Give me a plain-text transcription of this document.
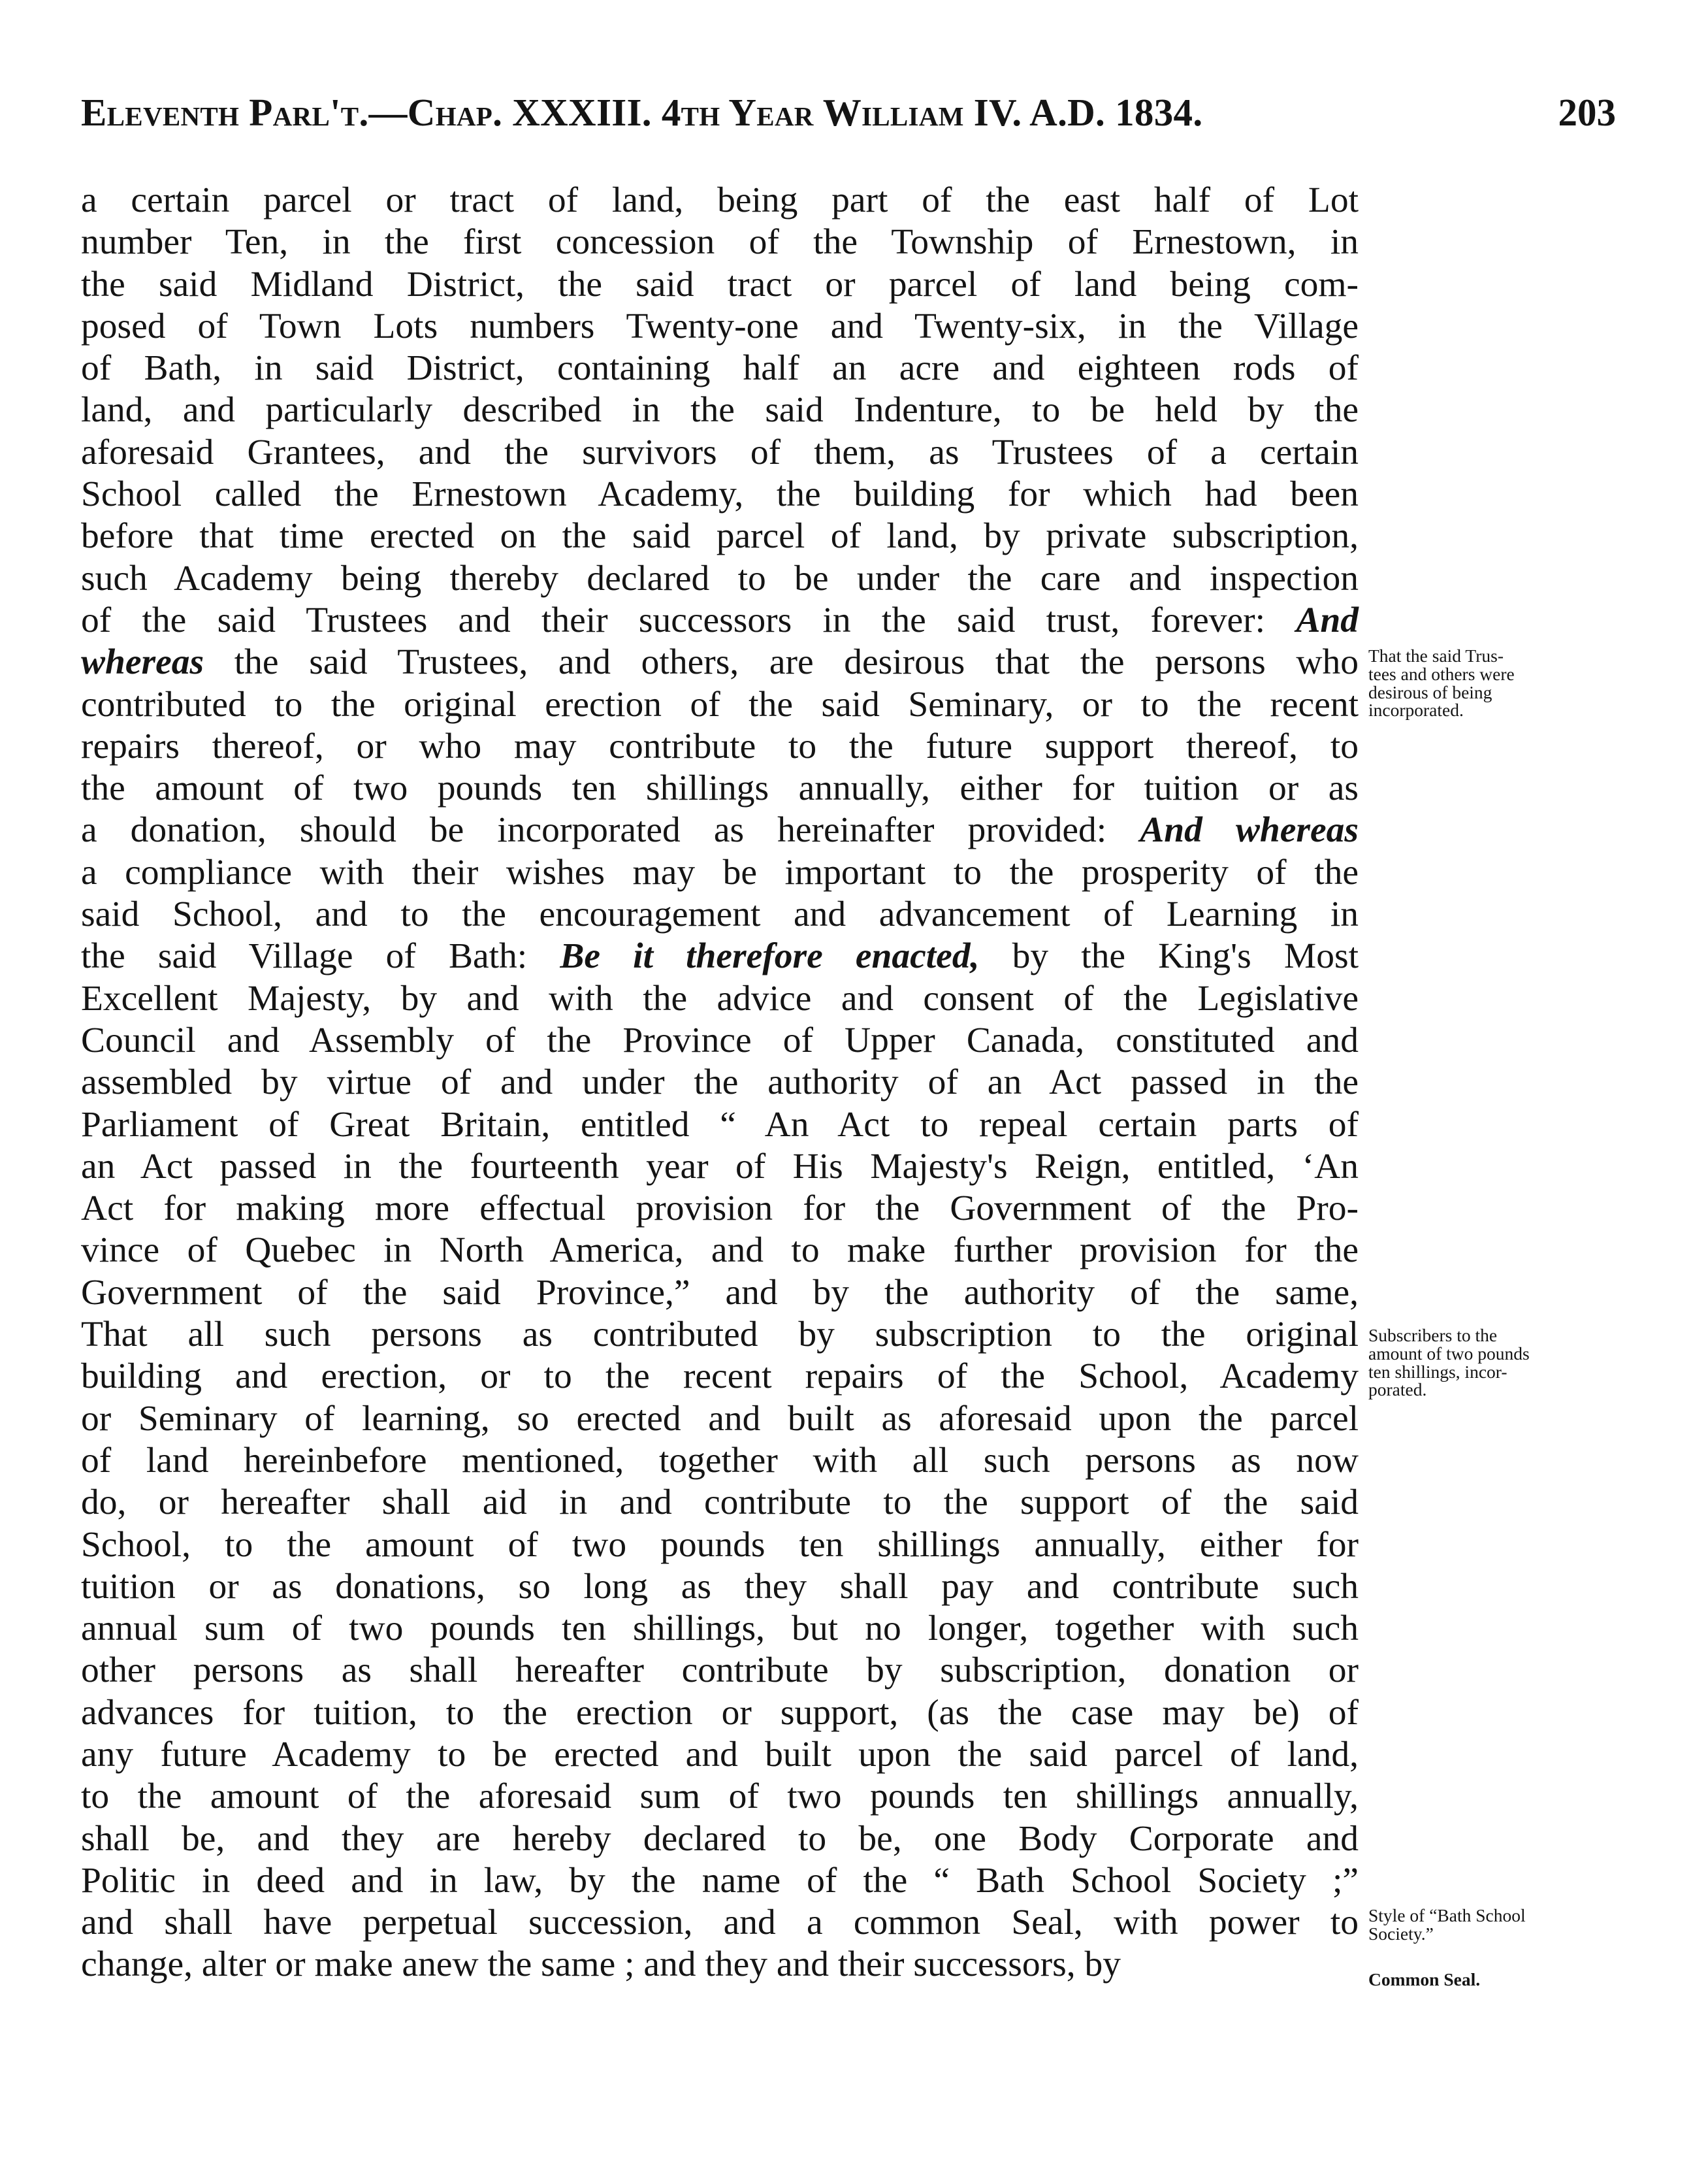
Eleventh Parl't.—Chap. XXXIII. 4th Year William IV. A.D. 1834.	203
a certain parcel or tract of land, being part of the east half of Lot
number Ten, in the first concession of the Township of Ernestown, in
the said Midland District, the said tract or parcel of land being com-
posed of Town Lots numbers Twenty-one and Twenty-six, in the Village
of Bath, in said District, containing half an acre and eighteen rods of
land, and particularly described in the said Indenture, to be held by the
aforesaid Grantees, and the survivors of them, as Trustees of a certain
School called the Ernestown Academy, the building for which had been
before that time erected on the said parcel of land, by private subscription,
such Academy being thereby declared to be under the care and inspection
of the said Trustees and their successors in the said trust, forever: And
whereas the said Trustees, and others, are desirous that the persons who
contributed to the original erection of the said Seminary, or to the recent
repairs thereof, or who may contribute to the future support thereof, to
the amount of two pounds ten shillings annually, either for tuition or as
a donation, should be incorporated as hereinafter provided: And whereas
a compliance with their wishes may be important to the prosperity of the
said School, and to the encouragement and advancement of Learning in
the said Village of Bath: Be it therefore enacted, by the King's Most
Excellent Majesty, by and with the advice and consent of the Legislative
Council and Assembly of the Province of Upper Canada, constituted and
assembled by virtue of and under the authority of an Act passed in the
Parliament of Great Britain, entitled “ An Act to repeal certain parts of
an Act passed in the fourteenth year of His Majesty's Reign, entitled, ‘An
Act for making more effectual provision for the Government of the Pro-
vince of Quebec in North America, and to make further provision for the
Government of the said Province,” and by the authority of the same,
That all such persons as contributed by subscription to the original
building and erection, or to the recent repairs of the School, Academy
or Seminary of learning, so erected and built as aforesaid upon the parcel
of land hereinbefore mentioned, together with all such persons as now
do, or hereafter shall aid in and contribute to the support of the said
School, to the amount of two pounds ten shillings annually, either for
tuition or as donations, so long as they shall pay and contribute such
annual sum of two pounds ten shillings, but no longer, together with such
other persons as shall hereafter contribute by subscription, donation or
advances for tuition, to the erection or support, (as the case may be) of
any future Academy to be erected and built upon the said parcel of land,
to the amount of the aforesaid sum of two pounds ten shillings annually,
shall be, and they are hereby declared to be, one Body Corporate and
Politic in deed and in law, by the name of the “ Bath School Society ;”
and shall have perpetual succession, and a common Seal, with power to
change, alter or make anew the same ; and they and their successors, by
That the said Trus-
tees and others were
desirous of being
incorporated.
Subscribers to the
amount of two pounds
ten shillings, incor-
porated.
Style of “Bath School
Society.”
Common Seal.
